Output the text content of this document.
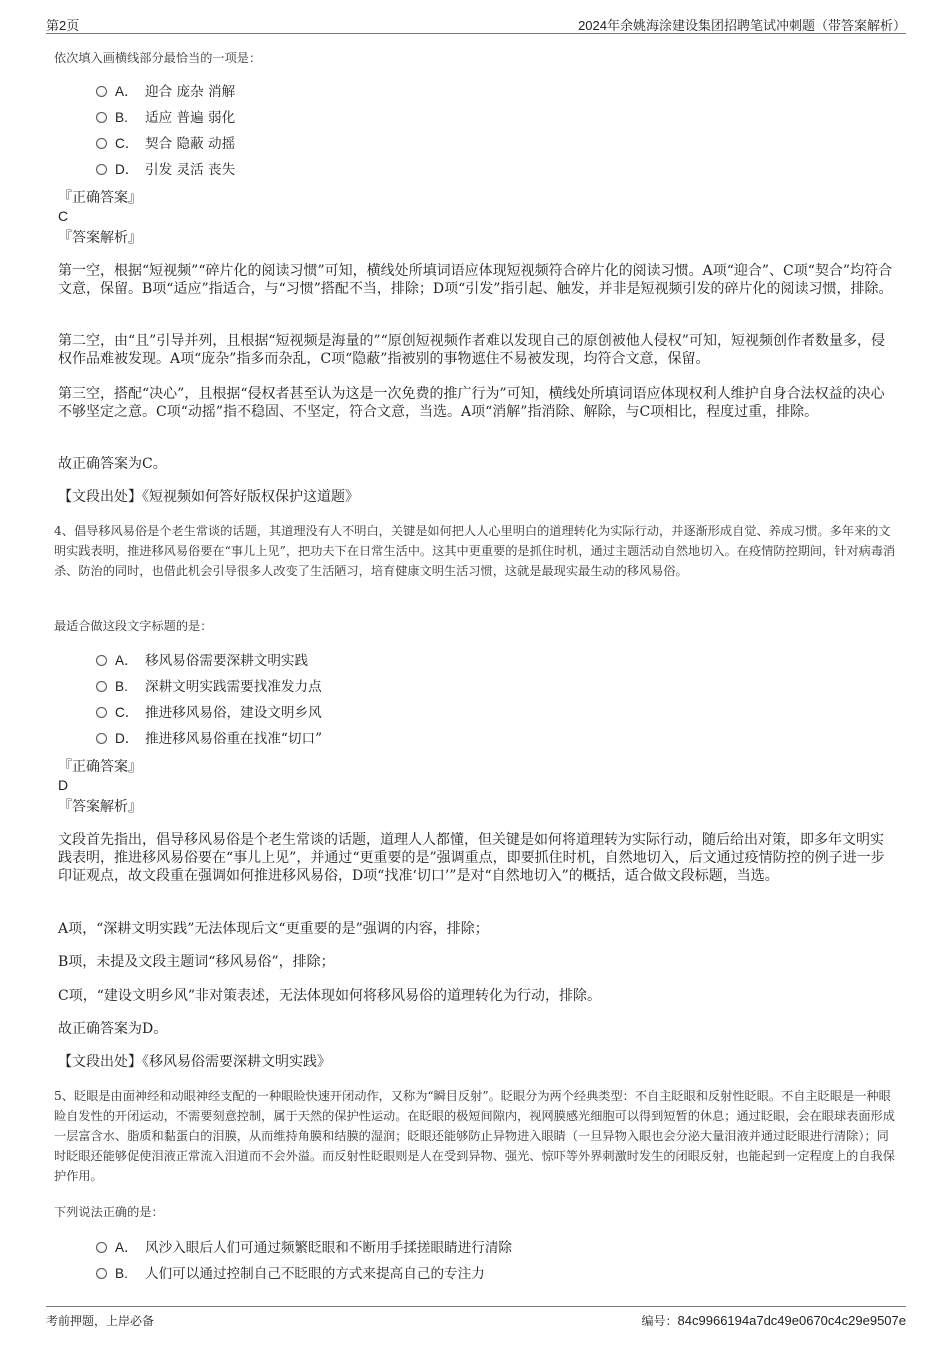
第2页	2024年余姚海涂建设集团招聘笔试冲刺题（带答案解析）
依次填入画横线部分最恰当的一项是：
A． 迎合 庞杂 消解
B. 适应 普遍 弱化
C． 契合 隐蔽 动摇
D． 引发 灵活 丧失
『正确答案』
C
『答案解析』
第一空，根据“短视频”“碎片化的阅读习惯”可知，横线处所填词语应体现短视频符合碎片化的阅读习惯。A项“迎合”、C项“契合”均符合文意，保留。B项“适应”指适合，与“习惯”搭配不当，排除；D项“引发”指引起、触发，并非是短视频引发的碎片化的阅读习惯，排除。
第二空，由“且”引导并列，且根据“短视频是海量的”“原创短视频作者难以发现自己的原创被他人侵权”可知，短视频创作者数量多，侵权作品难被发现。A项“庞杂”指多而杂乱，C项“隐蔽”指被别的事物遮住不易被发现，均符合文意，保留。
第三空，搭配“决心”，且根据“侵权者甚至认为这是一次免费的推广行为”可知，横线处所填词语应体现权利人维护自身合法权益的决心不够坚定之意。C项“动摇”指不稳固、不坚定，符合文意，当选。A项“消解”指消除、解除，与C项相比，程度过重，排除。
故正确答案为C。
【文段出处】《短视频如何答好版权保护这道题》
4、倡导移风易俗是个老生常谈的话题，其道理没有人不明白，关键是如何把人人心里明白的道理转化为实际行动，并逐渐形成自觉、养成习惯。多年来的文明实践表明，推进移风易俗要在“事儿上见”，把功夫下在日常生活中。这其中更重要的是抓住时机，通过主题活动自然地切入。在疫情防控期间，针对病毒消杀、防治的同时，也借此机会引导很多人改变了生活陋习，培育健康文明生活习惯，这就是最现实最生动的移风易俗。
最适合做这段文字标题的是：
A． 移风易俗需要深耕文明实践
B. 深耕文明实践需要找准发力点
C． 推进移风易俗，建设文明乡风
D． 推进移风易俗重在找准“切口”
『正确答案』
D
『答案解析』
文段首先指出，倡导移风易俗是个老生常谈的话题，道理人人都懂，但关键是如何将道理转为实际行动，随后给出对策，即多年文明实践表明，推进移风易俗要在“事儿上见”，并通过“更重要的是”强调重点，即要抓住时机，自然地切入，后文通过疫情防控的例子进一步印证观点，故文段重在强调如何推进移风易俗，D项“找准‘切口’”是对“自然地切入”的概括，适合做文段标题，当选。
A项，“深耕文明实践”无法体现后文“更重要的是”强调的内容，排除；
B项，未提及文段主题词“移风易俗”，排除；
C项，“建设文明乡风”非对策表述，无法体现如何将移风易俗的道理转化为行动，排除。
故正确答案为D。
【文段出处】《移风易俗需要深耕文明实践》
5、眨眼是由面神经和动眼神经支配的一种眼睑快速开闭动作，又称为“瞬目反射”。眨眼分为两个经典类型：不自主眨眼和反射性眨眼。不自主眨眼是一种眼睑自发性的开闭运动，不需要刻意控制，属于天然的保护性运动。在眨眼的极短间隙内，视网膜感光细胞可以得到短暂的休息；通过眨眼，会在眼球表面形成一层富含水、脂质和黏蛋白的泪膜，从而维持角膜和结膜的湿润；眨眼还能够防止异物进入眼睛（一旦异物入眼也会分泌大量泪液并通过眨眼进行清除）；同时眨眼还能够促使泪液正常流入泪道而不会外溢。而反射性眨眼则是人在受到异物、强光、惊吓等外界刺激时发生的闭眼反射，也能起到一定程度上的自我保护作用。
下列说法正确的是：
A． 风沙入眼后人们可通过频繁眨眼和不断用手揉搓眼睛进行清除
B. 人们可以通过控制自己不眨眼的方式来提高自己的专注力
考前押题，上岸必备	编号：84c9966194a7dc49e0670c4c29e9507e
